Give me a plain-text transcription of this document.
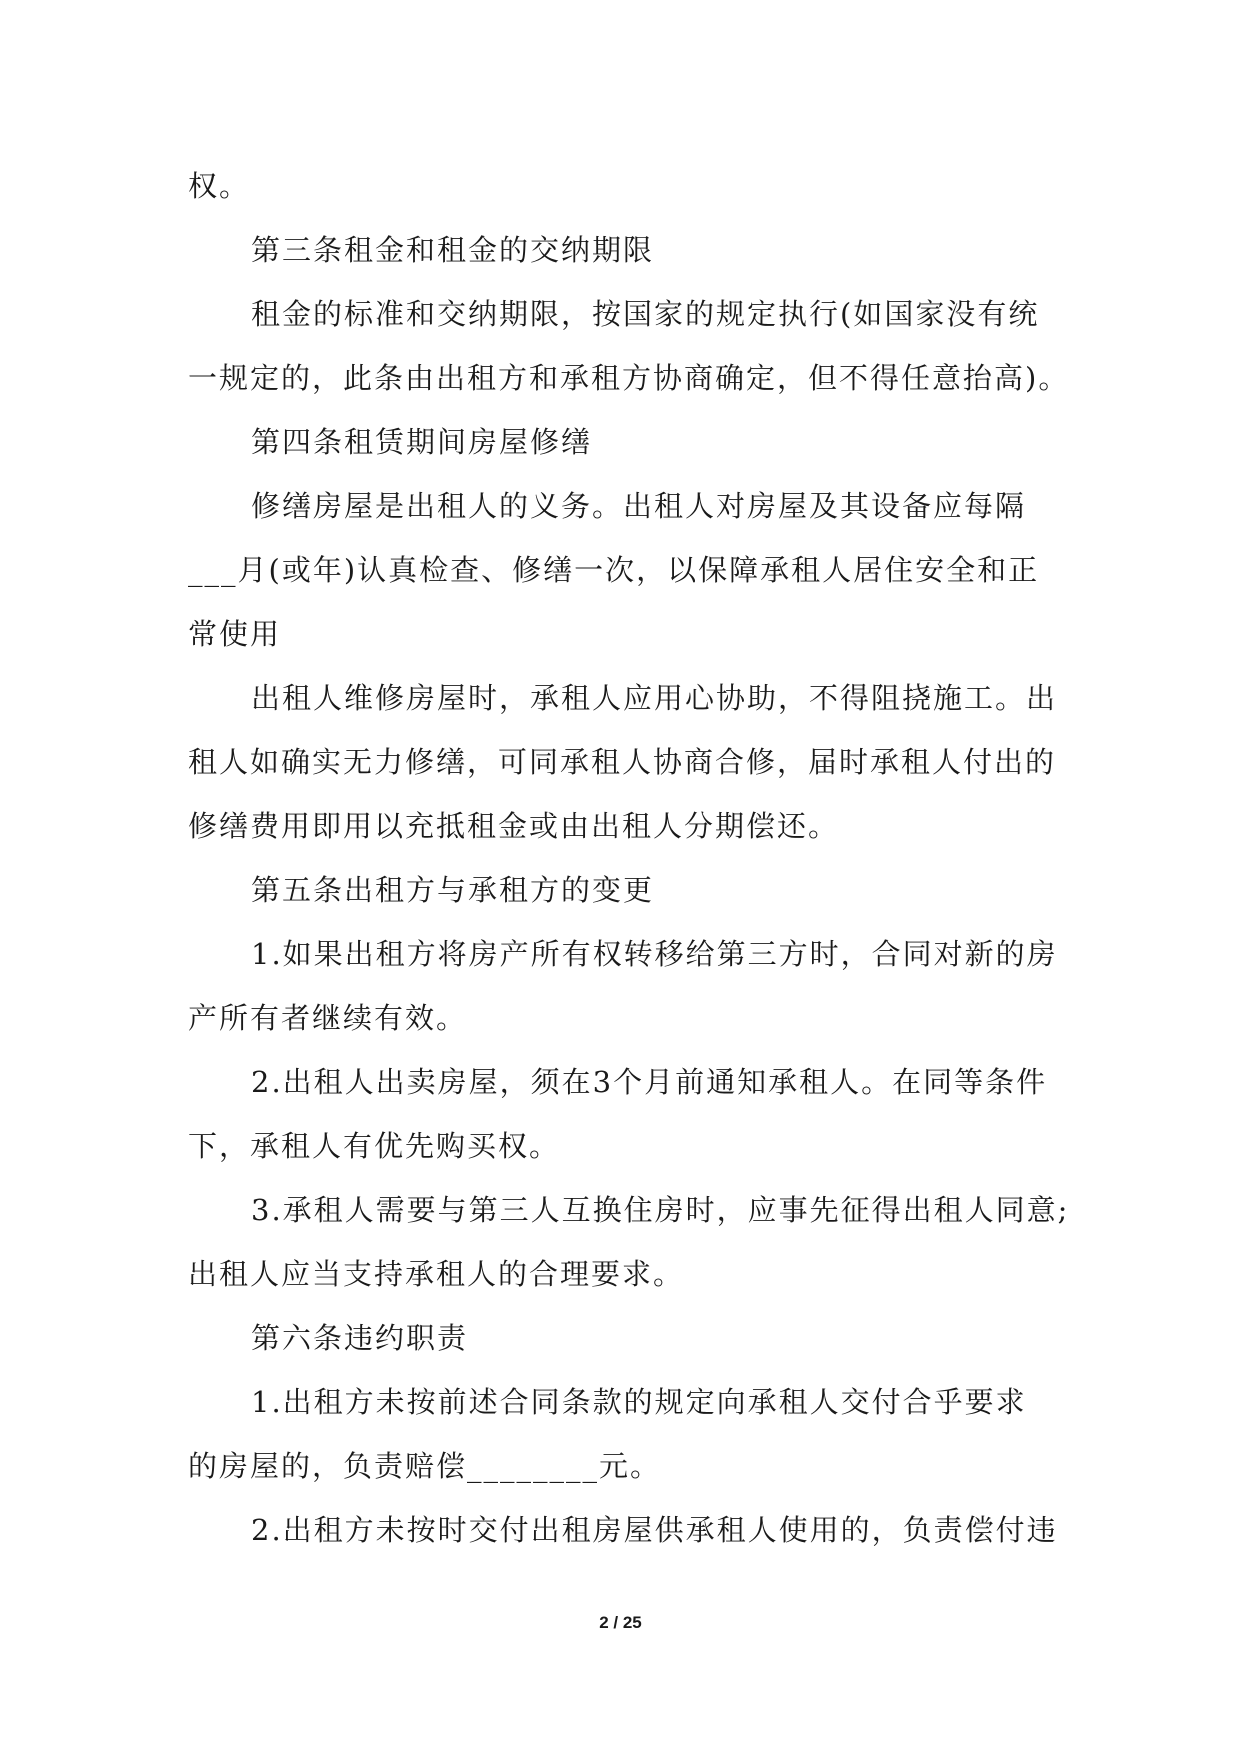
权。
第三条租金和租金的交纳期限
租金的标准和交纳期限，按国家的规定执行(如国家没有统
一规定的，此条由出租方和承租方协商确定，但不得任意抬高)。
第四条租赁期间房屋修缮
修缮房屋是出租人的义务。出租人对房屋及其设备应每隔
___月(或年)认真检查、修缮一次，以保障承租人居住安全和正
常使用
出租人维修房屋时，承租人应用心协助，不得阻挠施工。出
租人如确实无力修缮，可同承租人协商合修，届时承租人付出的
修缮费用即用以充抵租金或由出租人分期偿还。
第五条出租方与承租方的变更
1.如果出租方将房产所有权转移给第三方时，合同对新的房
产所有者继续有效。
2.出租人出卖房屋，须在3个月前通知承租人。在同等条件
下，承租人有优先购买权。
3.承租人需要与第三人互换住房时，应事先征得出租人同意;
出租人应当支持承租人的合理要求。
第六条违约职责
1.出租方未按前述合同条款的规定向承租人交付合乎要求
的房屋的，负责赔偿________元。
2.出租方未按时交付出租房屋供承租人使用的，负责偿付违
2 / 25
